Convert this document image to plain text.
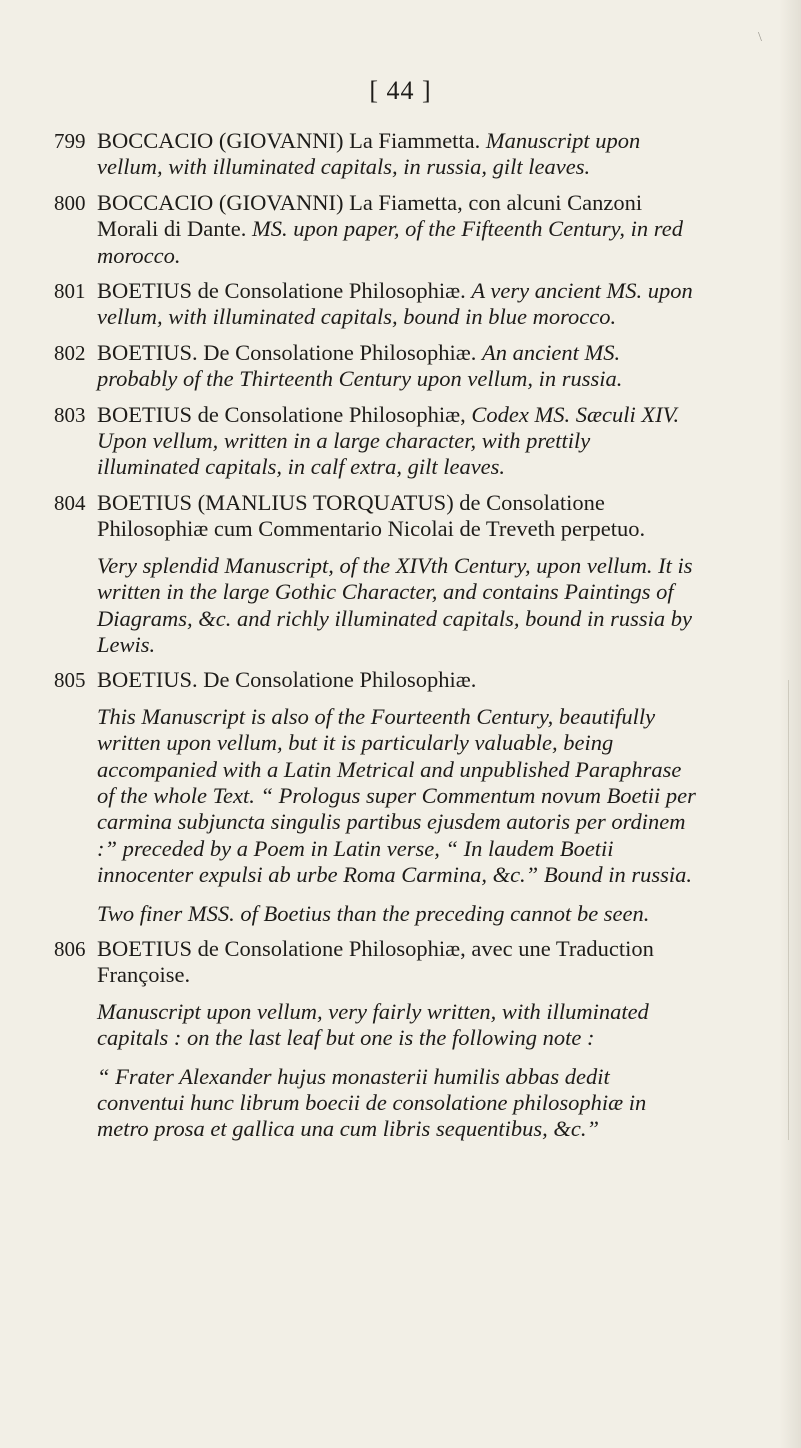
\
[ 44 ]
799 BOCCACIO (GIOVANNI) La Fiammetta. Manuscript upon vellum, with illuminated capitals, in russia, gilt leaves.
800 BOCCACIO (GIOVANNI) La Fiametta, con alcuni Canzoni Morali di Dante. MS. upon paper, of the Fifteenth Century, in red morocco.
801 BOETIUS de Consolatione Philosophiæ. A very ancient MS. upon vellum, with illuminated capitals, bound in blue morocco.
802 BOETIUS. De Consolatione Philosophiæ. An ancient MS. probably of the Thirteenth Century upon vellum, in russia.
803 BOETIUS de Consolatione Philosophiæ, Codex MS. Sæculi XIV. Upon vellum, written in a large character, with prettily illuminated capitals, in calf extra, gilt leaves.
804 BOETIUS (MANLIUS TORQUATUS) de Consolatione Philosophiæ cum Commentario Nicolai de Treveth perpetuo.
Very splendid Manuscript, of the XIVth Century, upon vellum. It is written in the large Gothic Character, and contains Paintings of Diagrams, &c. and richly illuminated capitals, bound in russia by Lewis.
805 BOETIUS. De Consolatione Philosophiæ.
This Manuscript is also of the Fourteenth Century, beautifully written upon vellum, but it is particularly valuable, being accompanied with a Latin Metrical and unpublished Paraphrase of the whole Text. “ Prologus super Commentum novum Boetii per carmina subjuncta singulis partibus ejusdem autoris per ordinem :” preceded by a Poem in Latin verse, “ In laudem Boetii innocenter expulsi ab urbe Roma Carmina, &c.” Bound in russia.
Two finer MSS. of Boetius than the preceding cannot be seen.
806 BOETIUS de Consolatione Philosophiæ, avec une Traduction Françoise.
Manuscript upon vellum, very fairly written, with illuminated capitals : on the last leaf but one is the following note :
“ Frater Alexander hujus monasterii humilis abbas dedit conventui hunc librum boecii de consolatione philosophiæ in metro prosa et gallica una cum libris sequentibus, &c.”
